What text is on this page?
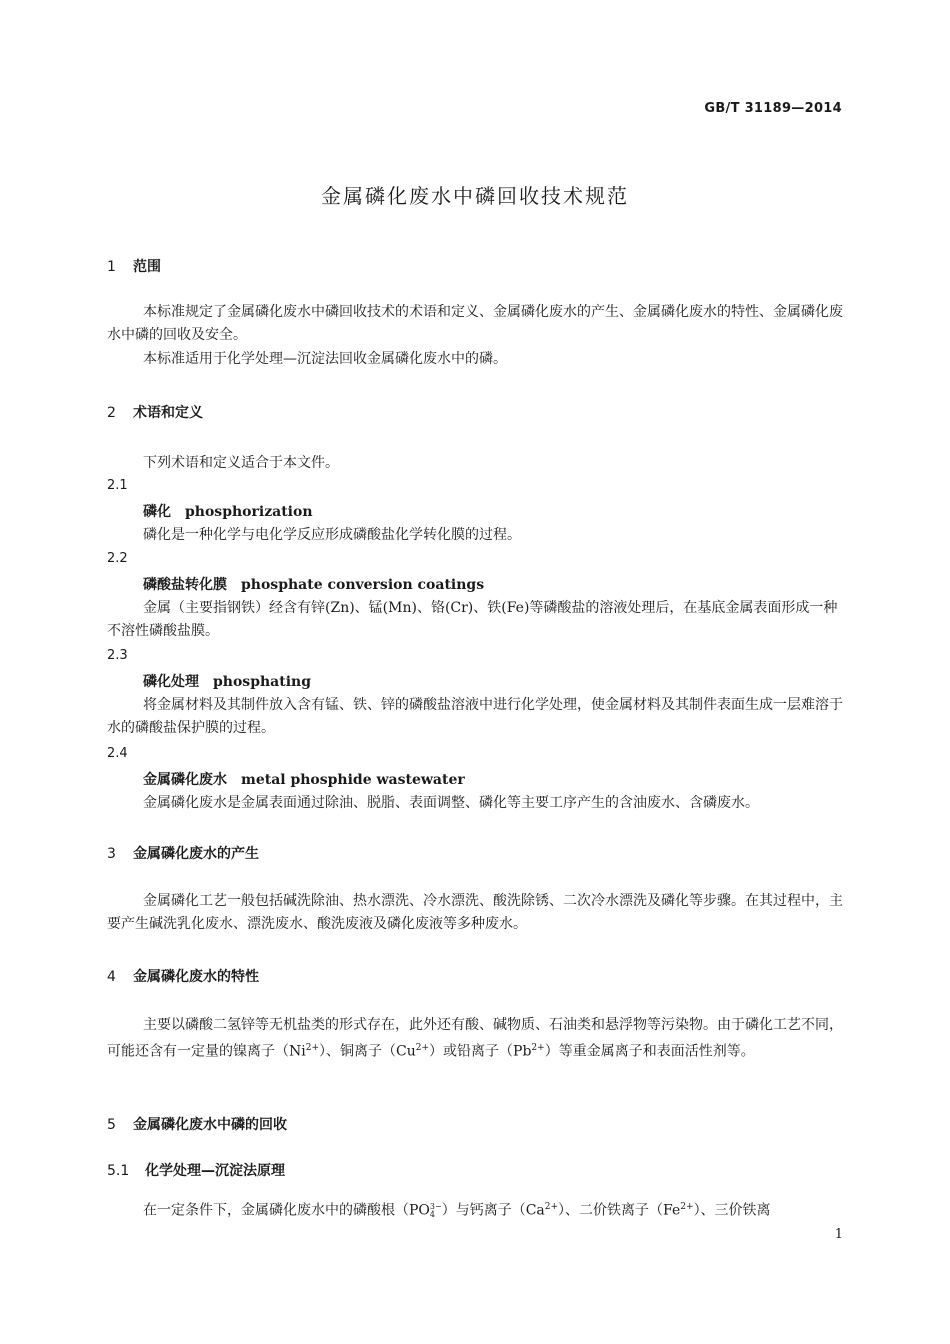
GB/T 31189—2014
金属磷化废水中磷回收技术规范
1 范围
本标准规定了金属磷化废水中磷回收技术的术语和定义、金属磷化废水的产生、金属磷化废水的特性、金属磷化废水中磷的回收及安全。
本标准适用于化学处理—沉淀法回收金属磷化废水中的磷。
2 术语和定义
下列术语和定义适合于本文件。
2.1
磷化 phosphorization
磷化是一种化学与电化学反应形成磷酸盐化学转化膜的过程。
2.2
磷酸盐转化膜 phosphate conversion coatings
金属（主要指钢铁）经含有锌(Zn)、锰(Mn)、铬(Cr)、铁(Fe)等磷酸盐的溶液处理后，在基底金属表面形成一种不溶性磷酸盐膜。
2.3
磷化处理 phosphating
将金属材料及其制件放入含有锰、铁、锌的磷酸盐溶液中进行化学处理，使金属材料及其制件表面生成一层难溶于水的磷酸盐保护膜的过程。
2.4
金属磷化废水 metal phosphide wastewater
金属磷化废水是金属表面通过除油、脱脂、表面调整、磷化等主要工序产生的含油废水、含磷废水。
3 金属磷化废水的产生
金属磷化工艺一般包括碱洗除油、热水漂洗、冷水漂洗、酸洗除锈、二次冷水漂洗及磷化等步骤。在其过程中，主要产生碱洗乳化废水、漂洗废水、酸洗废液及磷化废液等多种废水。
4 金属磷化废水的特性
主要以磷酸二氢锌等无机盐类的形式存在，此外还有酸、碱物质、石油类和悬浮物等污染物。由于磷化工艺不同，可能还含有一定量的镍离子$(Ni^{2+})$、铜离子$(Cu^{2+})$或铅离子$(Pb^{2+})$等重金属离子和表面活性剂等。
5 金属磷化废水中磷的回收
5.1 化学处理—沉淀法原理
在一定条件下，金属磷化废水中的磷酸根（PO 3−
4 ）与钙离子$(Ca^{2+})$、二价铁离子$(Fe^{2+})$、三价铁离
1
